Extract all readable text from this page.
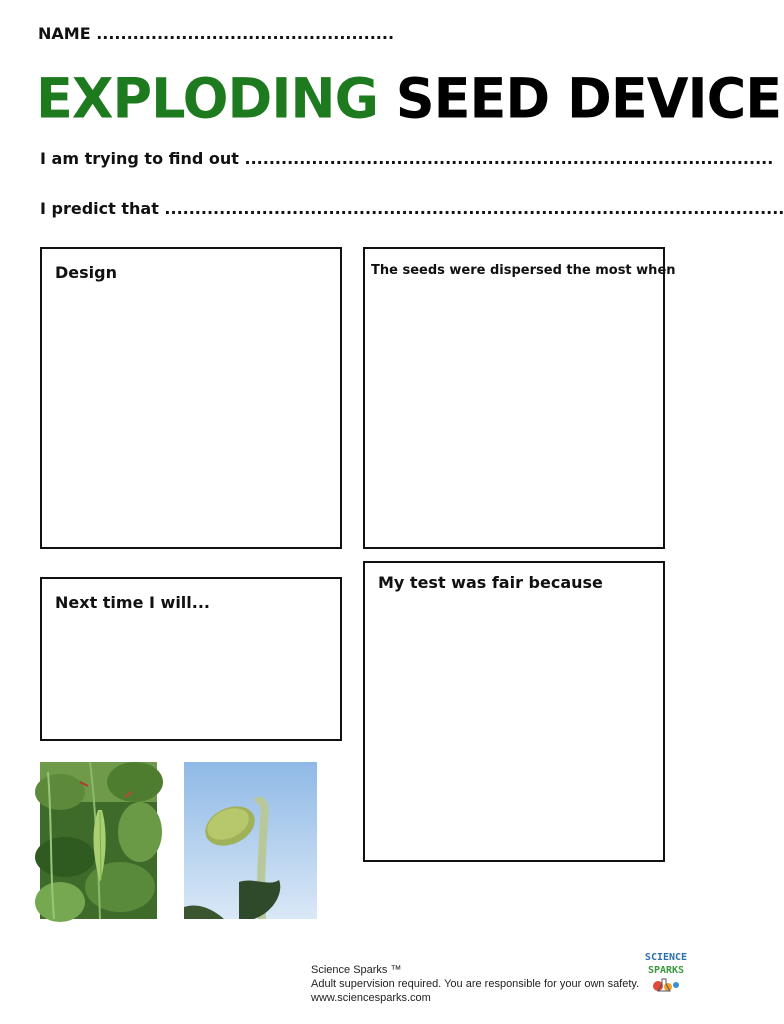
NAME .................................................
EXPLODING SEED DEVICE
I am trying to find out .......................................................................................
I predict that ......................................................................................................
Design	The seeds were dispersed the most when
Next time I will...
My test was fair because
Science Sparks ™
Adult supervision required. You are responsible for your own safety.
www.sciencesparks.com
SCIENCE
SPARKS
